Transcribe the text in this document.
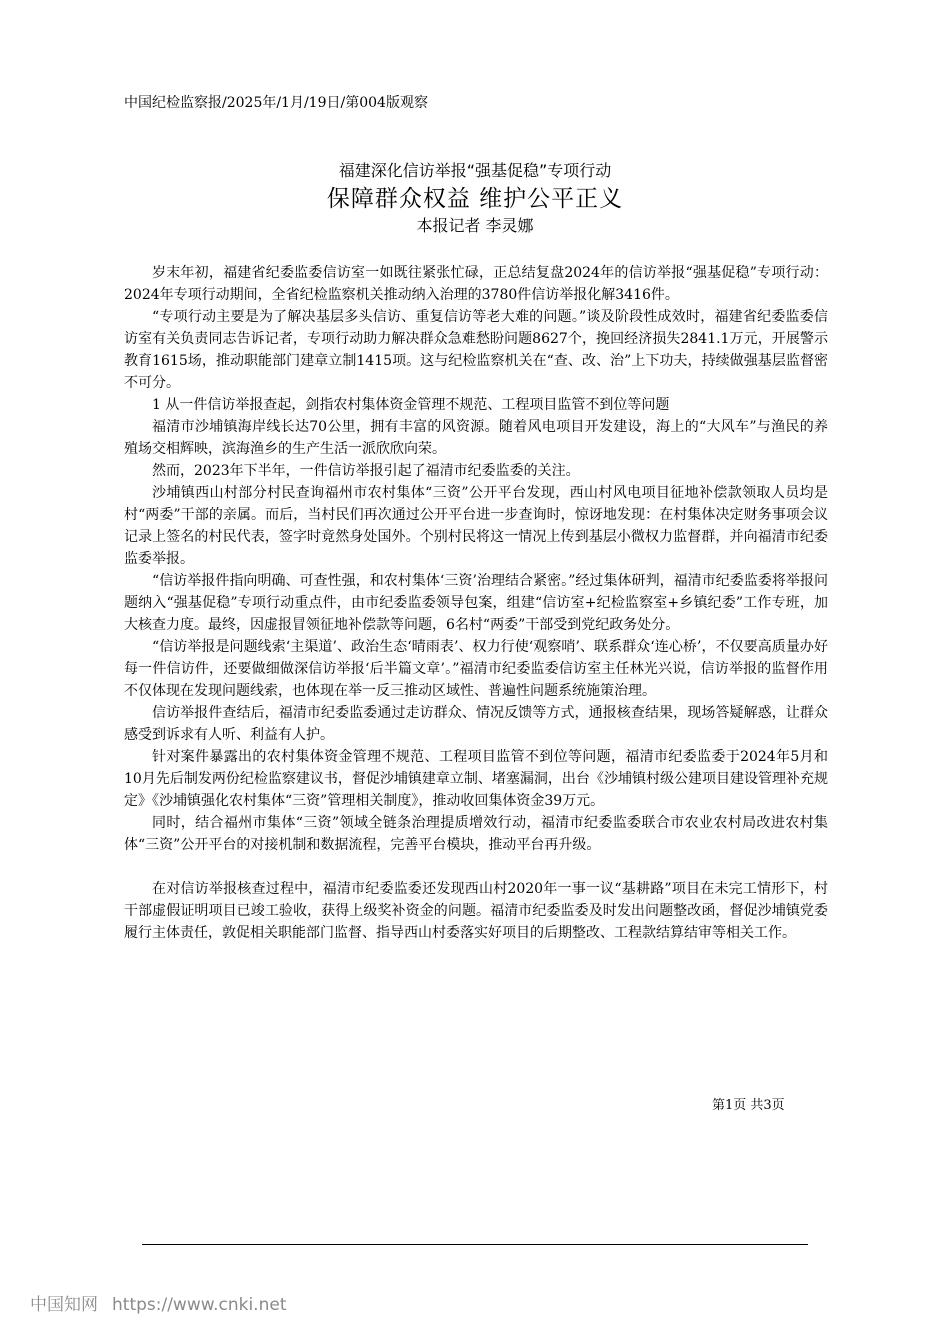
中国纪检监察报/2025年/1月/19日/第004版观察
福建深化信访举报“强基促稳”专项行动
保障群众权益 维护公平正义
本报记者 李灵娜

岁末年初，福建省纪委监委信访室一如既往紧张忙碌，正总结复盘2024年的信访举报“强基促稳”专项行动：2024年专项行动期间，全省纪检监察机关推动纳入治理的3780件信访举报化解3416件。

“专项行动主要是为了解决基层多头信访、重复信访等老大难的问题。”谈及阶段性成效时，福建省纪委监委信访室有关负责同志告诉记者，专项行动助力解决群众急难愁盼问题8627个，挽回经济损失2841.1万元，开展警示教育1615场，推动职能部门建章立制1415项。这与纪检监察机关在“查、改、治”上下功夫，持续做强基层监督密不可分。

1 从一件信访举报查起，剑指农村集体资金管理不规范、工程项目监管不到位等问题

福清市沙埔镇海岸线长达70公里，拥有丰富的风资源。随着风电项目开发建设，海上的“大风车”与渔民的养殖场交相辉映，滨海渔乡的生产生活一派欣欣向荣。

然而，2023年下半年，一件信访举报引起了福清市纪委监委的关注。

沙埔镇西山村部分村民查询福州市农村集体“三资”公开平台发现，西山村风电项目征地补偿款领取人员均是村“两委”干部的亲属。而后，当村民们再次通过公开平台进一步查询时，惊讶地发现：在村集体决定财务事项会议记录上签名的村民代表，签字时竟然身处国外。个别村民将这一情况上传到基层小微权力监督群，并向福清市纪委监委举报。

“信访举报件指向明确、可查性强，和农村集体‘三资’治理结合紧密。”经过集体研判，福清市纪委监委将举报问题纳入“强基促稳”专项行动重点件，由市纪委监委领导包案，组建“信访室+纪检监察室+乡镇纪委”工作专班，加大核查力度。最终，因虚报冒领征地补偿款等问题，6名村“两委”干部受到党纪政务处分。

“信访举报是问题线索‘主渠道’、政治生态‘晴雨表’、权力行使‘观察哨’、联系群众‘连心桥’，不仅要高质量办好每一件信访件，还要做细做深信访举报‘后半篇文章’。”福清市纪委监委信访室主任林光兴说，信访举报的监督作用不仅体现在发现问题线索，也体现在举一反三推动区域性、普遍性问题系统施策治理。

信访举报件查结后，福清市纪委监委通过走访群众、情况反馈等方式，通报核查结果，现场答疑解惑，让群众感受到诉求有人听、利益有人护。

针对案件暴露出的农村集体资金管理不规范、工程项目监管不到位等问题，福清市纪委监委于2024年5月和10月先后制发两份纪检监察建议书，督促沙埔镇建章立制、堵塞漏洞，出台《沙埔镇村级公建项目建设管理补充规定》《沙埔镇强化农村集体“三资”管理相关制度》，推动收回集体资金39万元。

同时，结合福州市集体“三资”领域全链条治理提质增效行动，福清市纪委监委联合市农业农村局改进农村集体“三资”公开平台的对接机制和数据流程，完善平台模块，推动平台再升级。

在对信访举报核查过程中，福清市纪委监委还发现西山村2020年一事一议“基耕路”项目在未完工情形下，村干部虚假证明项目已竣工验收，获得上级奖补资金的问题。福清市纪委监委及时发出问题整改函，督促沙埔镇党委履行主体责任，敦促相关职能部门监督、指导西山村委落实好项目的后期整改、工程款结算结审等相关工作。

第1页 共3页
中国知网 https://www.cnki.net
